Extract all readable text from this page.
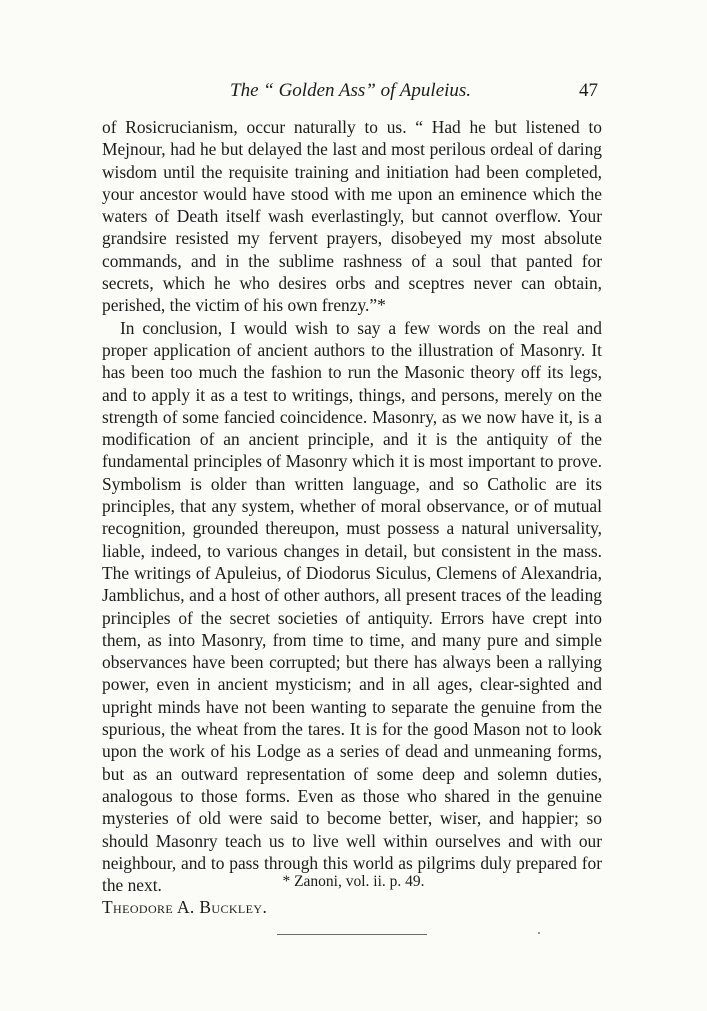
The “ Golden Ass” of Apuleius.	47

of Rosicrucianism, occur naturally to us. “ Had he but listened to Mejnour, had he but delayed the last and most perilous ordeal of daring wisdom until the requisite training and initiation had been completed, your ancestor would have stood with me upon an eminence which the waters of Death itself wash everlastingly, but cannot overflow. Your grandsire resisted my fervent prayers, disobeyed my most absolute commands, and in the sublime rashness of a soul that panted for secrets, which he who desires orbs and sceptres never can obtain, perished, the victim of his own frenzy.”*

In conclusion, I would wish to say a few words on the real and proper application of ancient authors to the illustration of Masonry. It has been too much the fashion to run the Masonic theory off its legs, and to apply it as a test to writings, things, and persons, merely on the strength of some fancied coincidence. Masonry, as we now have it, is a modification of an ancient principle, and it is the antiquity of the fundamental principles of Masonry which it is most important to prove. Symbolism is older than written language, and so Catholic are its principles, that any system, whether of moral observance, or of mutual recognition, grounded thereupon, must possess a natural universality, liable, indeed, to various changes in detail, but consistent in the mass. The writings of Apuleius, of Diodorus Siculus, Clemens of Alexandria, Jamblichus, and a host of other authors, all present traces of the leading principles of the secret societies of antiquity. Errors have crept into them, as into Masonry, from time to time, and many pure and simple observances have been corrupted; but there has always been a rallying power, even in ancient mysticism; and in all ages, clear-sighted and upright minds have not been wanting to separate the genuine from the spurious, the wheat from the tares. It is for the good Mason not to look upon the work of his Lodge as a series of dead and unmeaning forms, but as an outward representation of some deep and solemn duties, analogous to those forms. Even as those who shared in the genuine mysteries of old were said to become better, wiser, and happier; so should Masonry teach us to live well within ourselves and with our neighbour, and to pass through this world as pilgrims duly prepared for the next.

Theodore A. Buckley.

* Zanoni, vol. ii. p. 49.
